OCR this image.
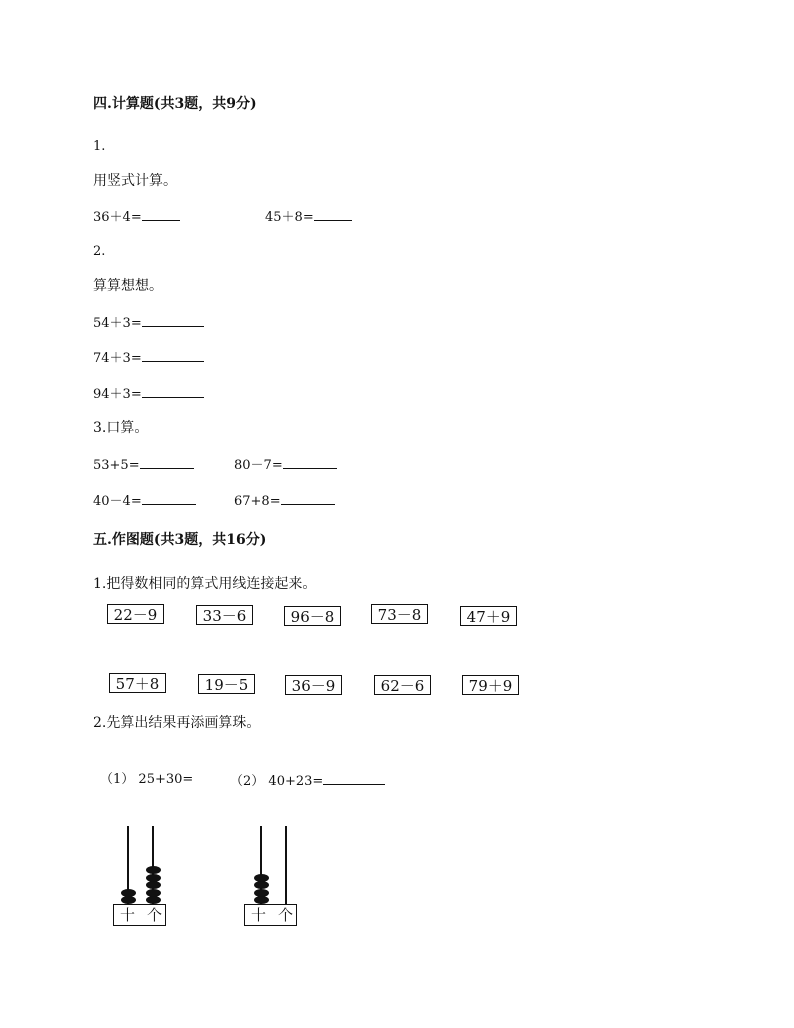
四.计算题(共3题，共9分)
1.
用竖式计算。
36＋4=	45＋8=
2.
算算想想。
54＋3=
74＋3=
94＋3=
3.口算。
53+5=	80－7=
40－4=	67+8=
五.作图题(共3题，共16分)
1.把得数相同的算式用线连接起来。
22－9	33－6	96－8	73－8	47＋9
57＋8	19－5	36－9	62－6	79＋9
2.先算出结果再添画算珠。
（1） 25+30=	（2） 40+23=
十 个	十 个
